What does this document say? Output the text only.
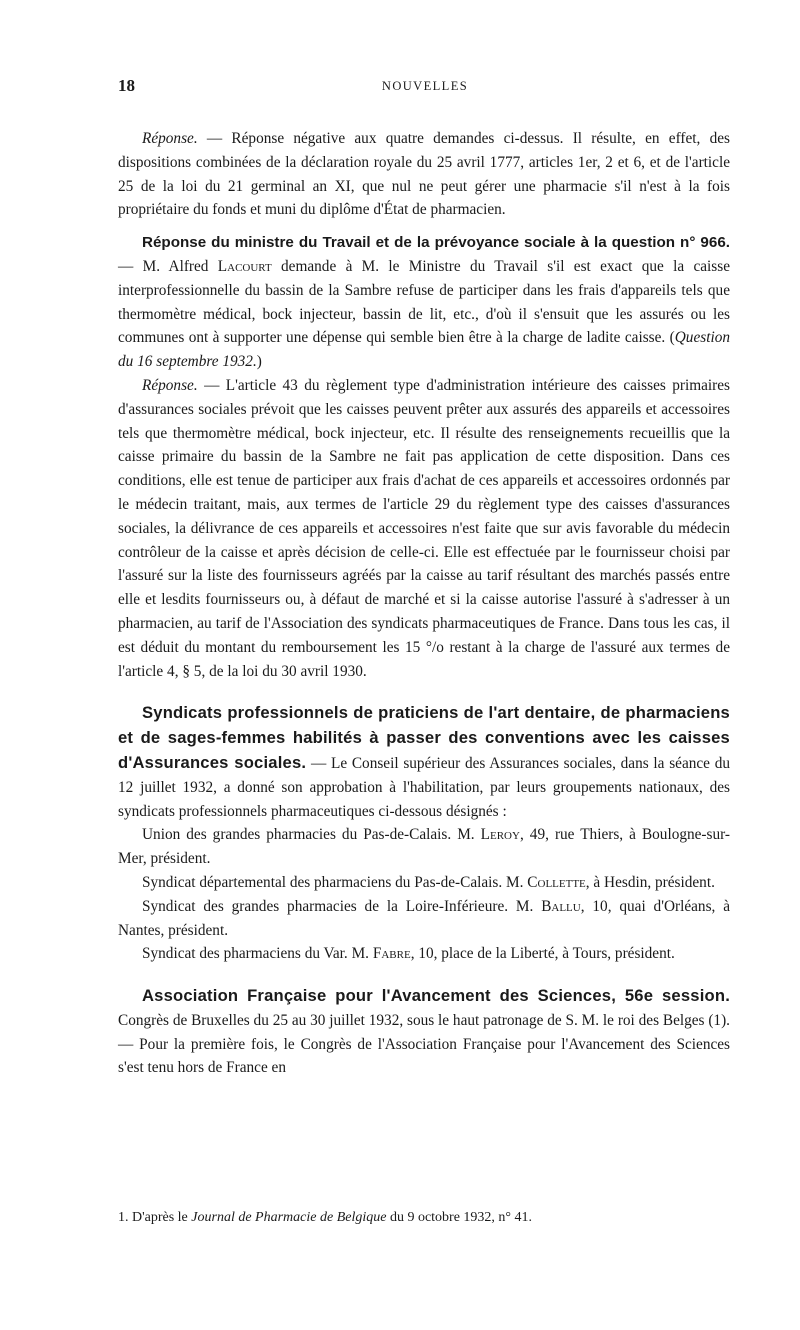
18	NOUVELLES

Réponse. — Réponse négative aux quatre demandes ci-dessus. Il résulte, en effet, des dispositions combinées de la déclaration royale du 25 avril 1777, articles 1er, 2 et 6, et de l'article 25 de la loi du 21 germinal an XI, que nul ne peut gérer une pharmacie s'il n'est à la fois propriétaire du fonds et muni du diplôme d'État de pharmacien.

Réponse du ministre du Travail et de la prévoyance sociale à la question n° 966. — M. Alfred Lacourt demande à M. le Ministre du Travail s'il est exact que la caisse interprofessionnelle du bassin de la Sambre refuse de participer dans les frais d'appareils tels que thermomètre médical, bock injecteur, bassin de lit, etc., d'où il s'ensuit que les assurés ou les communes ont à supporter une dépense qui semble bien être à la charge de ladite caisse. (Question du 16 septembre 1932.)

Réponse. — L'article 43 du règlement type d'administration intérieure des caisses primaires d'assurances sociales prévoit que les caisses peuvent prêter aux assurés des appareils et accessoires tels que thermomètre médical, bock injecteur, etc. Il résulte des renseignements recueillis que la caisse primaire du bassin de la Sambre ne fait pas application de cette disposition. Dans ces conditions, elle est tenue de participer aux frais d'achat de ces appareils et accessoires ordonnés par le médecin traitant, mais, aux termes de l'article 29 du règlement type des caisses d'assurances sociales, la délivrance de ces appareils et accessoires n'est faite que sur avis favorable du médecin contrôleur de la caisse et après décision de celle-ci. Elle est effectuée par le fournisseur choisi par l'assuré sur la liste des fournisseurs agréés par la caisse au tarif résultant des marchés passés entre elle et lesdits fournisseurs ou, à défaut de marché et si la caisse autorise l'assuré à s'adresser à un pharmacien, au tarif de l'Association des syndicats pharmaceutiques de France. Dans tous les cas, il est déduit du montant du remboursement les 15 °/o restant à la charge de l'assuré aux termes de l'article 4, § 5, de la loi du 30 avril 1930.

Syndicats professionnels de praticiens de l'art dentaire, de pharmaciens et de sages-femmes habilités à passer des conventions avec les caisses d'Assurances sociales. — Le Conseil supérieur des Assurances sociales, dans la séance du 12 juillet 1932, a donné son approbation à l'habilitation, par leurs groupements nationaux, des syndicats professionnels pharmaceutiques ci-dessous désignés :

Union des grandes pharmacies du Pas-de-Calais. M. Leroy, 49, rue Thiers, à Boulogne-sur-Mer, président.

Syndicat départemental des pharmaciens du Pas-de-Calais. M. Collette, à Hesdin, président.

Syndicat des grandes pharmacies de la Loire-Inférieure. M. Ballu, 10, quai d'Orléans, à Nantes, président.

Syndicat des pharmaciens du Var. M. Fabre, 10, place de la Liberté, à Tours, président.

Association Française pour l'Avancement des Sciences, 56e session. Congrès de Bruxelles du 25 au 30 juillet 1932, sous le haut patronage de S. M. le roi des Belges (1). — Pour la première fois, le Congrès de l'Association Française pour l'Avancement des Sciences s'est tenu hors de France en

1. D'après le Journal de Pharmacie de Belgique du 9 octobre 1932, n° 41.
